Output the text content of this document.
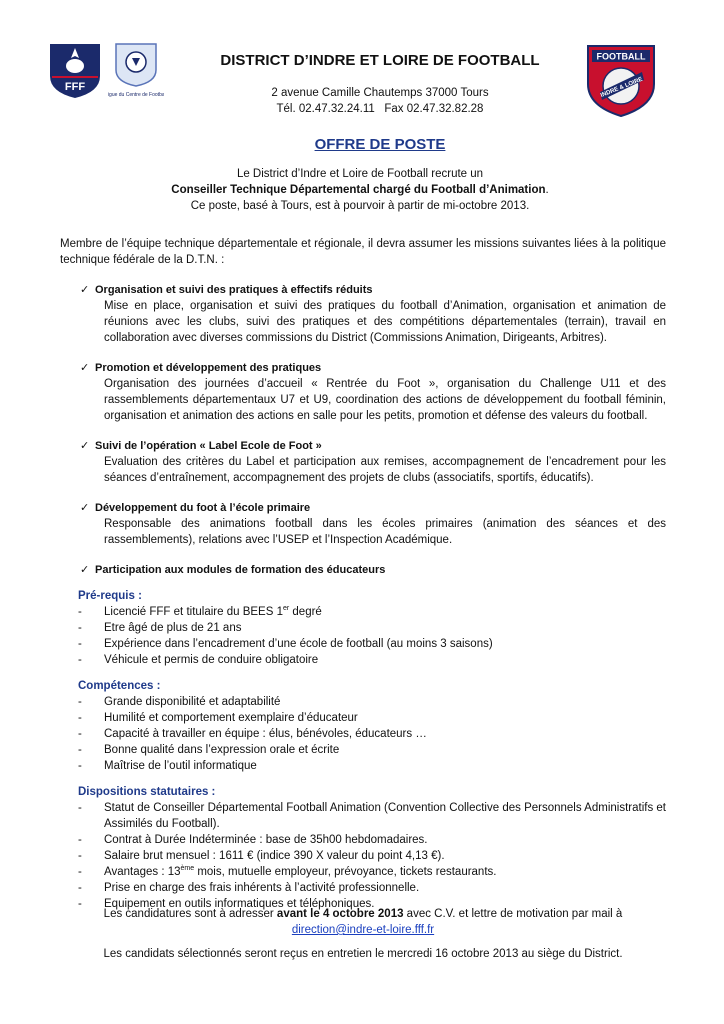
FFF
Ligue du Centre de Football
DISTRICT D’INDRE ET LOIRE DE FOOTBALL
2 avenue Camille Chautemps 37000 Tours
Tél. 02.47.32.24.11   Fax 02.47.32.82.28
FOOTBALL
INDRE & LOIRE
OFFRE DE POSTE
Le District d’Indre et Loire de Football recrute un
Conseiller Technique Départemental chargé du Football d’Animation.
Ce poste, basé à Tours, est à pourvoir à partir de mi-octobre 2013.

Membre de l’équipe technique départementale et régionale, il devra assumer les missions suivantes liées à la politique technique fédérale de la D.T.N. :

✓ Organisation et suivi des pratiques à effectifs réduits

Mise en place, organisation et suivi des pratiques du football d’Animation, organisation et animation de réunions avec les clubs, suivi des pratiques et des compétitions départementales (terrain), travail en collaboration avec diverses commissions du District (Commissions Animation, Dirigeants, Arbitres).

✓ Promotion et développement des pratiques

Organisation des journées d’accueil « Rentrée du Foot », organisation du Challenge U11 et des rassemblements départementaux U7 et U9, coordination des actions de développement du football féminin, organisation et animation des actions en salle pour les petits, promotion et défense des valeurs du football.

✓ Suivi de l’opération « Label Ecole de Foot »

Evaluation des critères du Label et participation aux remises, accompagnement de l’encadrement pour les séances d’entraînement, accompagnement des projets de clubs (associatifs, sportifs, éducatifs).

✓ Développement du foot à l’école primaire

Responsable des animations football dans les écoles primaires (animation des séances et des rassemblements), relations avec l’USEP et l’Inspection Académique.

✓ Participation aux modules de formation des éducateurs
Pré-requis :
- Licencié FFF et titulaire du BEES 1er degré
- Etre âgé de plus de 21 ans
- Expérience dans l’encadrement d’une école de football (au moins 3 saisons)
- Véhicule et permis de conduire obligatoire
Compétences :
- Grande disponibilité et adaptabilité
- Humilité et comportement exemplaire d’éducateur
- Capacité à travailler en équipe : élus, bénévoles, éducateurs …
- Bonne qualité dans l’expression orale et écrite
- Maîtrise de l’outil informatique
Dispositions statutaires :
- Statut de Conseiller Départemental Football Animation (Convention Collective des Personnels Administratifs et Assimilés du Football).
- Contrat à Durée Indéterminée : base de 35h00 hebdomadaires.
- Salaire brut mensuel : 1611 € (indice 390 X valeur du point 4,13 €).
- Avantages : 13ème mois, mutuelle employeur, prévoyance, tickets restaurants.
- Prise en charge des frais inhérents à l’activité professionnelle.
- Equipement en outils informatiques et téléphoniques.
Les candidatures sont à adresser avant le 4 octobre 2013 avec C.V. et lettre de motivation par mail à
direction@indre-et-loire.fff.fr
Les candidats sélectionnés seront reçus en entretien le mercredi 16 octobre 2013 au siège du District.
